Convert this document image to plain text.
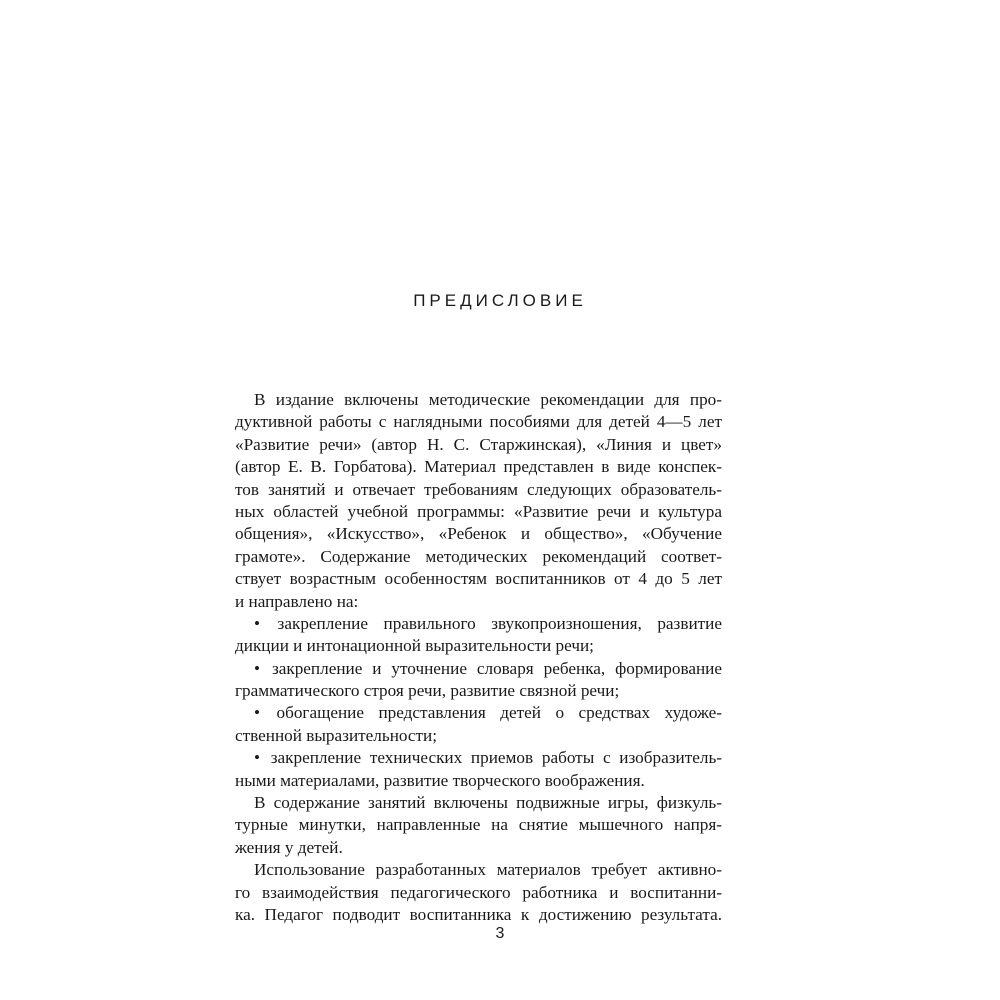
ПРЕДИСЛОВИЕ
В издание включены методические рекомендации для про-
дуктивной работы с наглядными пособиями для детей 4—5 лет
«Развитие речи» (автор Н. С. Старжинская), «Линия и цвет»
(автор Е. В. Горбатова). Материал представлен в виде конспек-
тов занятий и отвечает требованиям следующих образователь-
ных областей учебной программы: «Развитие речи и культура
общения», «Искусство», «Ребенок и общество», «Обучение
грамоте». Содержание методических рекомендаций соответ-
ствует возрастным особенностям воспитанников от 4 до 5 лет
и направлено на:
• закрепление правильного звукопроизношения, развитие
дикции и интонационной выразительности речи;
• закрепление и уточнение словаря ребенка, формирование
грамматического строя речи, развитие связной речи;
• обогащение представления детей о средствах художе-
ственной выразительности;
• закрепление технических приемов работы с изобразитель-
ными материалами, развитие творческого воображения.
В содержание занятий включены подвижные игры, физкуль-
турные минутки, направленные на снятие мышечного напря-
жения у детей.
Использование разработанных материалов требует активно-
го взаимодействия педагогического работника и воспитанни-
ка. Педагог подводит воспитанника к достижению результата.
3
